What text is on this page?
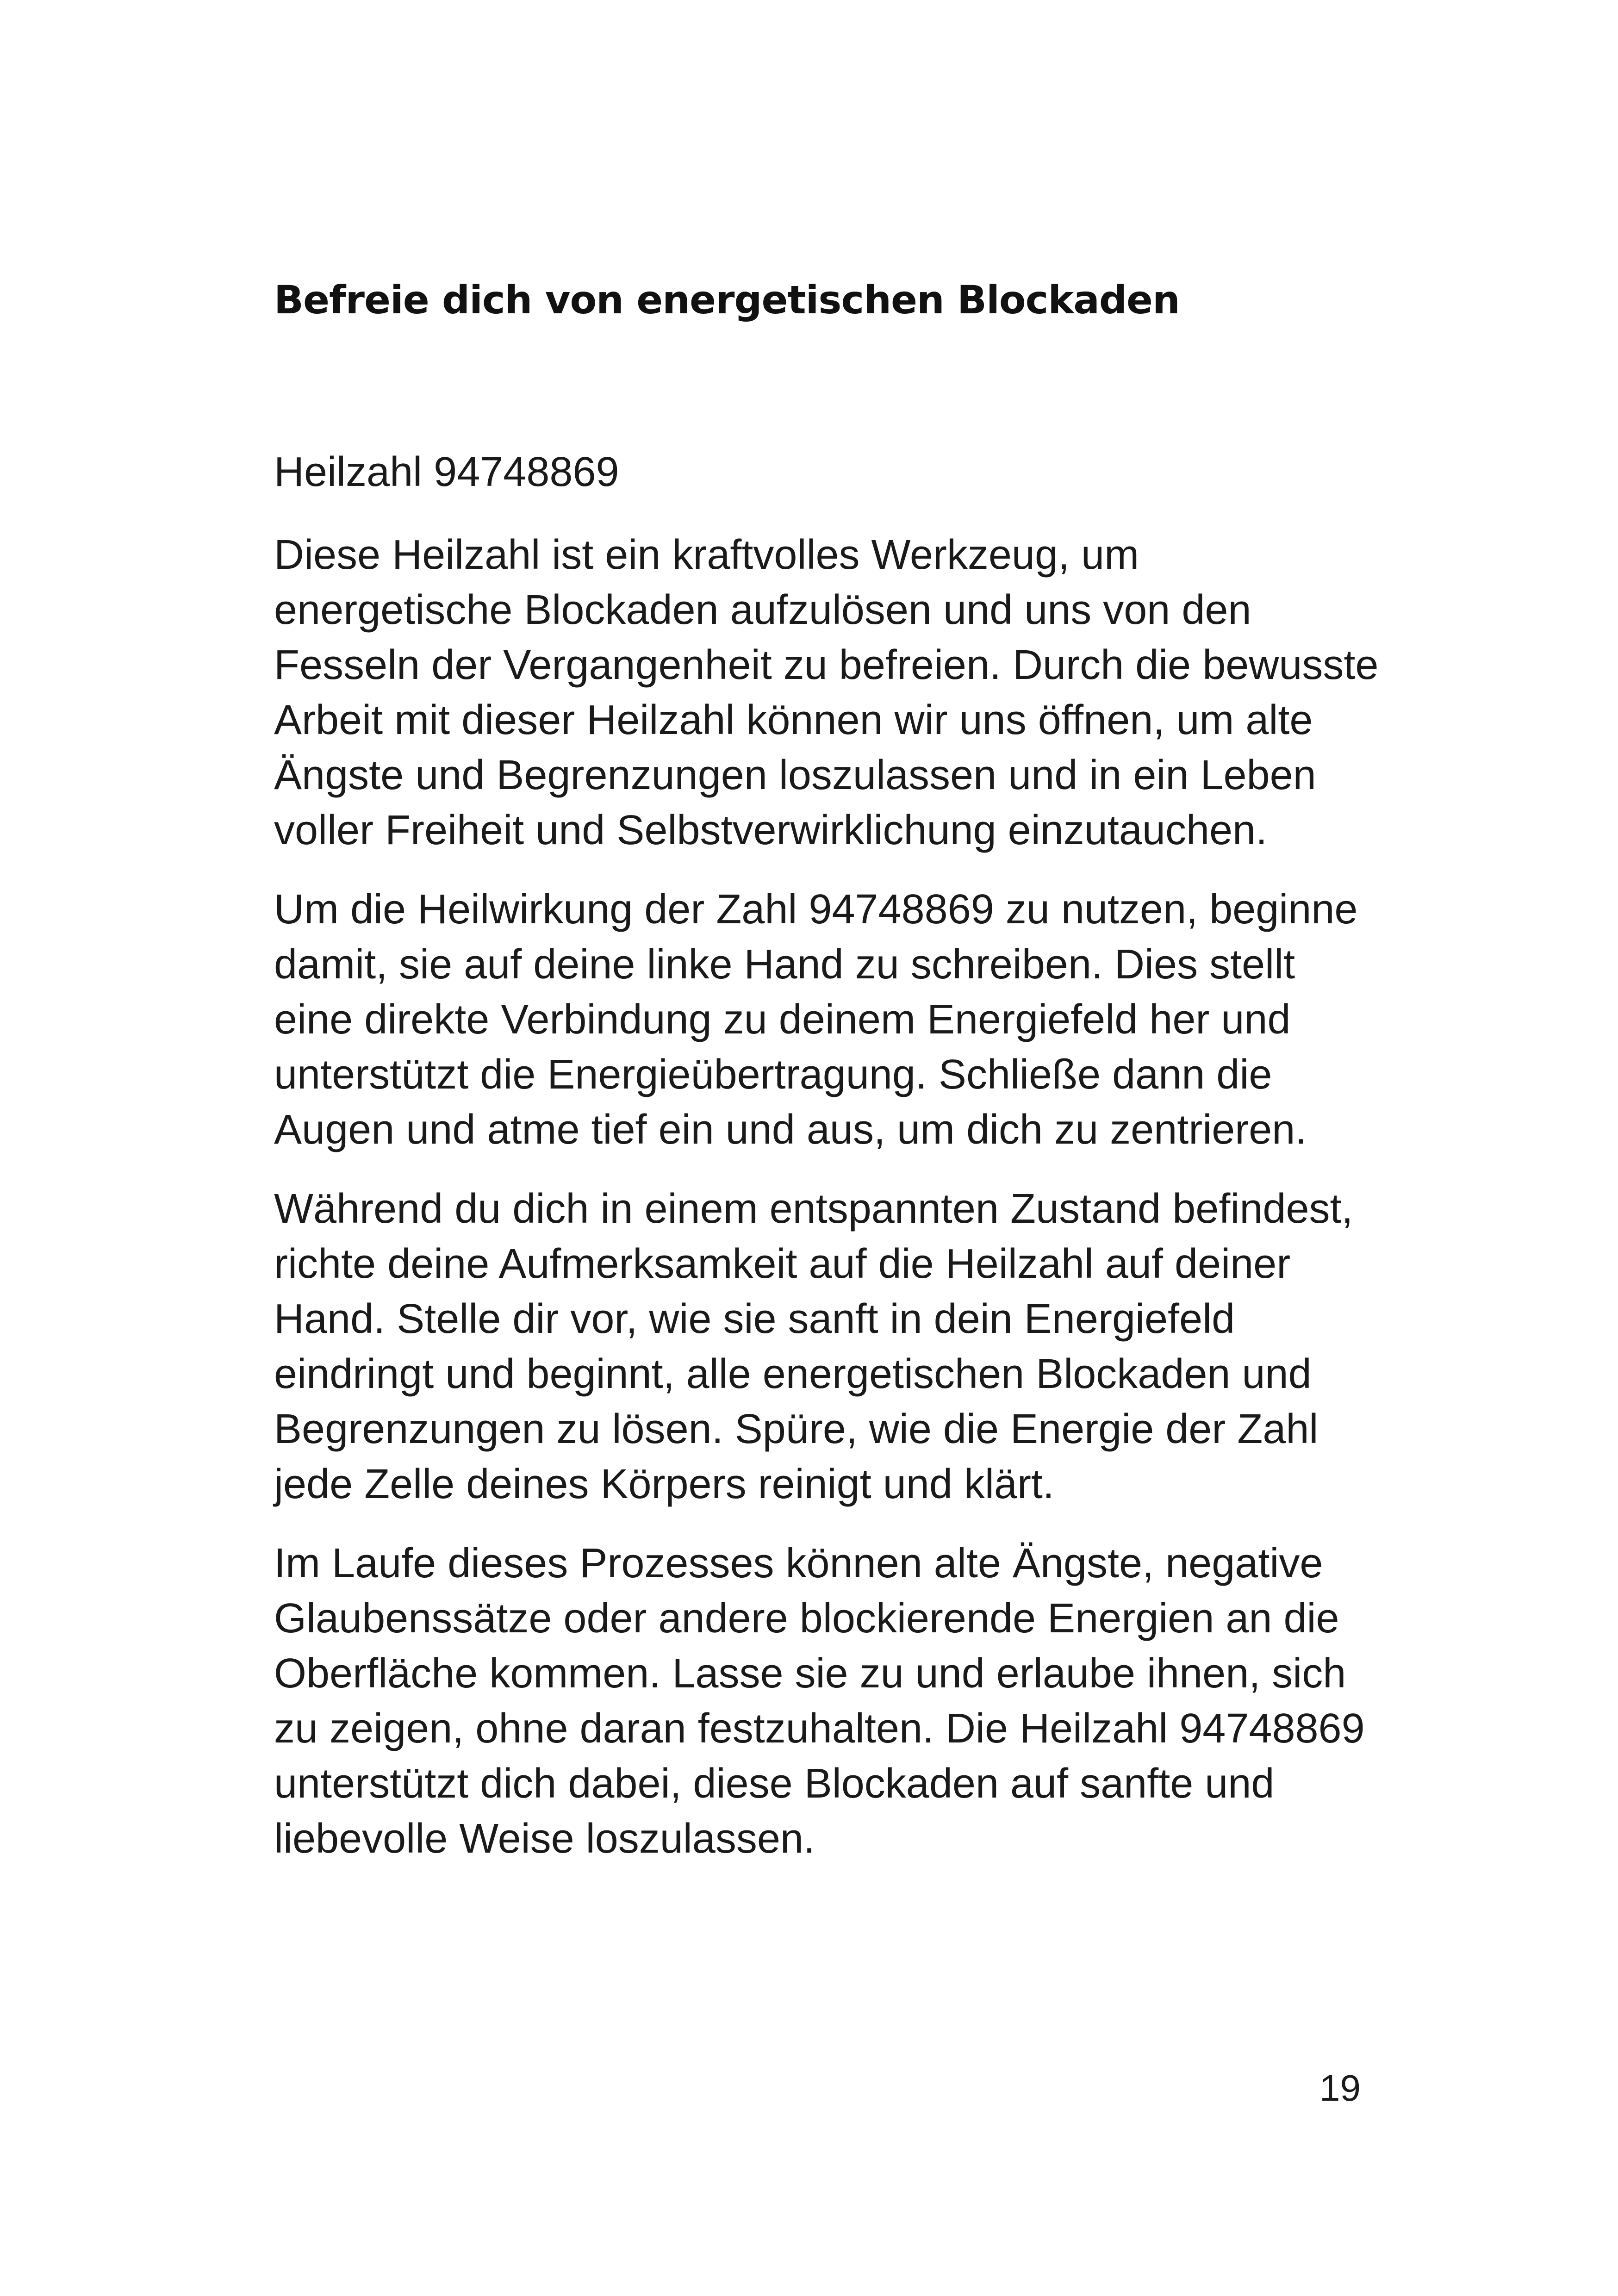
Befreie dich von energetischen Blockaden

Heilzahl 94748869

Diese Heilzahl ist ein kraftvolles Werkzeug, um energetische Blockaden aufzulösen und uns von den Fesseln der Vergangenheit zu befreien. Durch die bewusste Arbeit mit dieser Heilzahl können wir uns öffnen, um alte Ängste und Begrenzungen loszulassen und in ein Leben voller Freiheit und Selbstverwirklichung einzutauchen.

Um die Heilwirkung der Zahl 94748869 zu nutzen, beginne damit, sie auf deine linke Hand zu schreiben. Dies stellt eine direkte Verbindung zu deinem Energiefeld her und unterstützt die Energieübertragung. Schließe dann die Augen und atme tief ein und aus, um dich zu zentrieren.

Während du dich in einem entspannten Zustand befindest, richte deine Aufmerksamkeit auf die Heilzahl auf deiner Hand. Stelle dir vor, wie sie sanft in dein Energiefeld eindringt und beginnt, alle energetischen Blockaden und Begrenzungen zu lösen. Spüre, wie die Energie der Zahl jede Zelle deines Körpers reinigt und klärt.

Im Laufe dieses Prozesses können alte Ängste, negative Glaubenssätze oder andere blockierende Energien an die Oberfläche kommen. Lasse sie zu und erlaube ihnen, sich zu zeigen, ohne daran festzuhalten. Die Heilzahl 94748869 unterstützt dich dabei, diese Blockaden auf sanfte und liebevolle Weise loszulassen.

19
